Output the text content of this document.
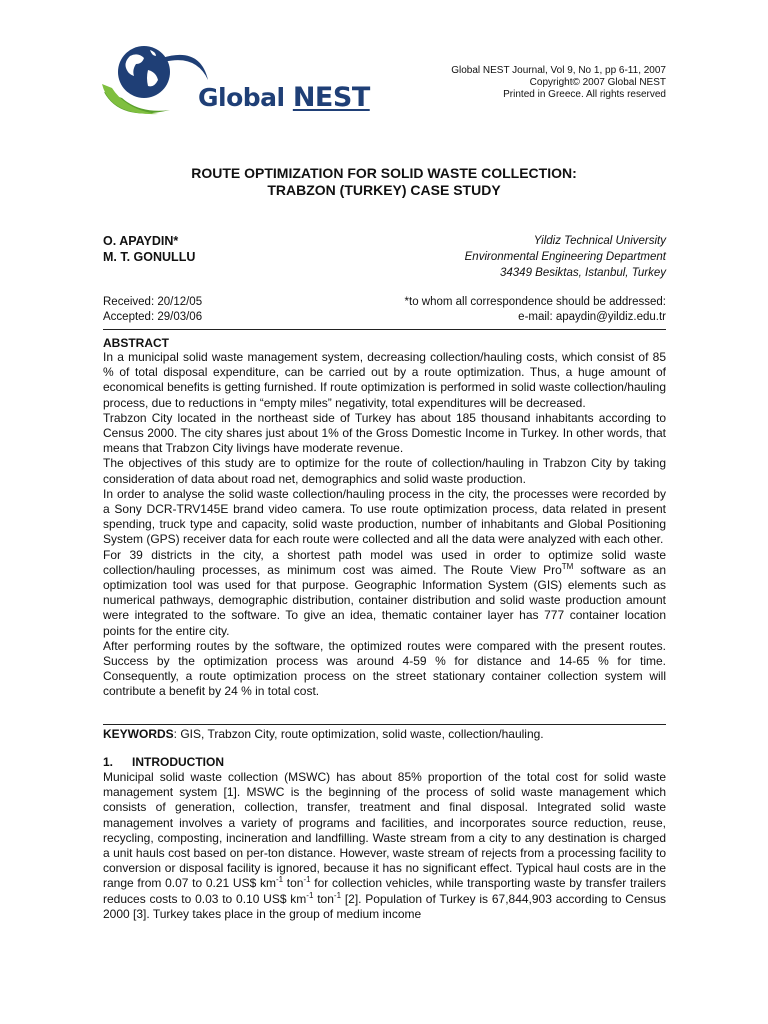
Global NEST
Global NEST Journal, Vol 9, No 1, pp 6-11, 2007
Copyright© 2007 Global NEST
Printed in Greece. All rights reserved
ROUTE OPTIMIZATION FOR SOLID WASTE COLLECTION:
TRABZON (TURKEY) CASE STUDY
O. APAYDIN*
M. T. GONULLU
Yildiz Technical University
Environmental Engineering Department
34349 Besiktas, Istanbul, Turkey
Received: 20/12/05
Accepted: 29/03/06
*to whom all correspondence should be addressed:
e-mail: apaydin@yildiz.edu.tr
ABSTRACT

In a municipal solid waste management system, decreasing collection/hauling costs, which consist of 85 % of total disposal expenditure, can be carried out by a route optimization. Thus, a huge amount of economical benefits is getting furnished. If route optimization is performed in solid waste collection/hauling process, due to reductions in “empty miles” negativity, total expenditures will be decreased.

Trabzon City located in the northeast side of Turkey has about 185 thousand inhabitants according to Census 2000. The city shares just about 1% of the Gross Domestic Income in Turkey. In other words, that means that Trabzon City livings have moderate revenue.

The objectives of this study are to optimize for the route of collection/hauling in Trabzon City by taking consideration of data about road net, demographics and solid waste production.

In order to analyse the solid waste collection/hauling process in the city, the processes were recorded by a Sony DCR-TRV145E brand video camera. To use route optimization process, data related in present spending, truck type and capacity, solid waste production, number of inhabitants and Global Positioning System (GPS) receiver data for each route were collected and all the data were analyzed with each other.

For 39 districts in the city, a shortest path model was used in order to optimize solid waste collection/hauling processes, as minimum cost was aimed. The Route View Pro™ software as an optimization tool was used for that purpose. Geographic Information System (GIS) elements such as numerical pathways, demographic distribution, container distribution and solid waste production amount were integrated to the software. To give an idea, thematic container layer has 777 container location points for the entire city.

After performing routes by the software, the optimized routes were compared with the present routes. Success by the optimization process was around 4-59 % for distance and 14-65 % for time. Consequently, a route optimization process on the street stationary container collection system will contribute a benefit by 24 % in total cost.

KEYWORDS: GIS, Trabzon City, route optimization, solid waste, collection/hauling.
1. INTRODUCTION
Municipal solid waste collection (MSWC) has about 85% proportion of the total cost for solid waste management system [1]. MSWC is the beginning of the process of solid waste management which consists of generation, collection, transfer, treatment and final disposal. Integrated solid waste management involves a variety of programs and facilities, and incorporates source reduction, reuse, recycling, composting, incineration and landfilling. Waste stream from a city to any destination is charged a unit hauls cost based on per-ton distance. However, waste stream of rejects from a processing facility to conversion or disposal facility is ignored, because it has no significant effect. Typical haul costs are in the range from 0.07 to 0.21 US$ $km^{-1}$ ton$^{-1}$ for collection vehicles, while transporting waste by transfer trailers reduces costs to 0.03 to 0.10 US$ $km^{-1}$ ton$^{-1}$ [2]. Population of Turkey is 67,844,903 according to Census 2000 [3]. Turkey takes place in the group of medium income
